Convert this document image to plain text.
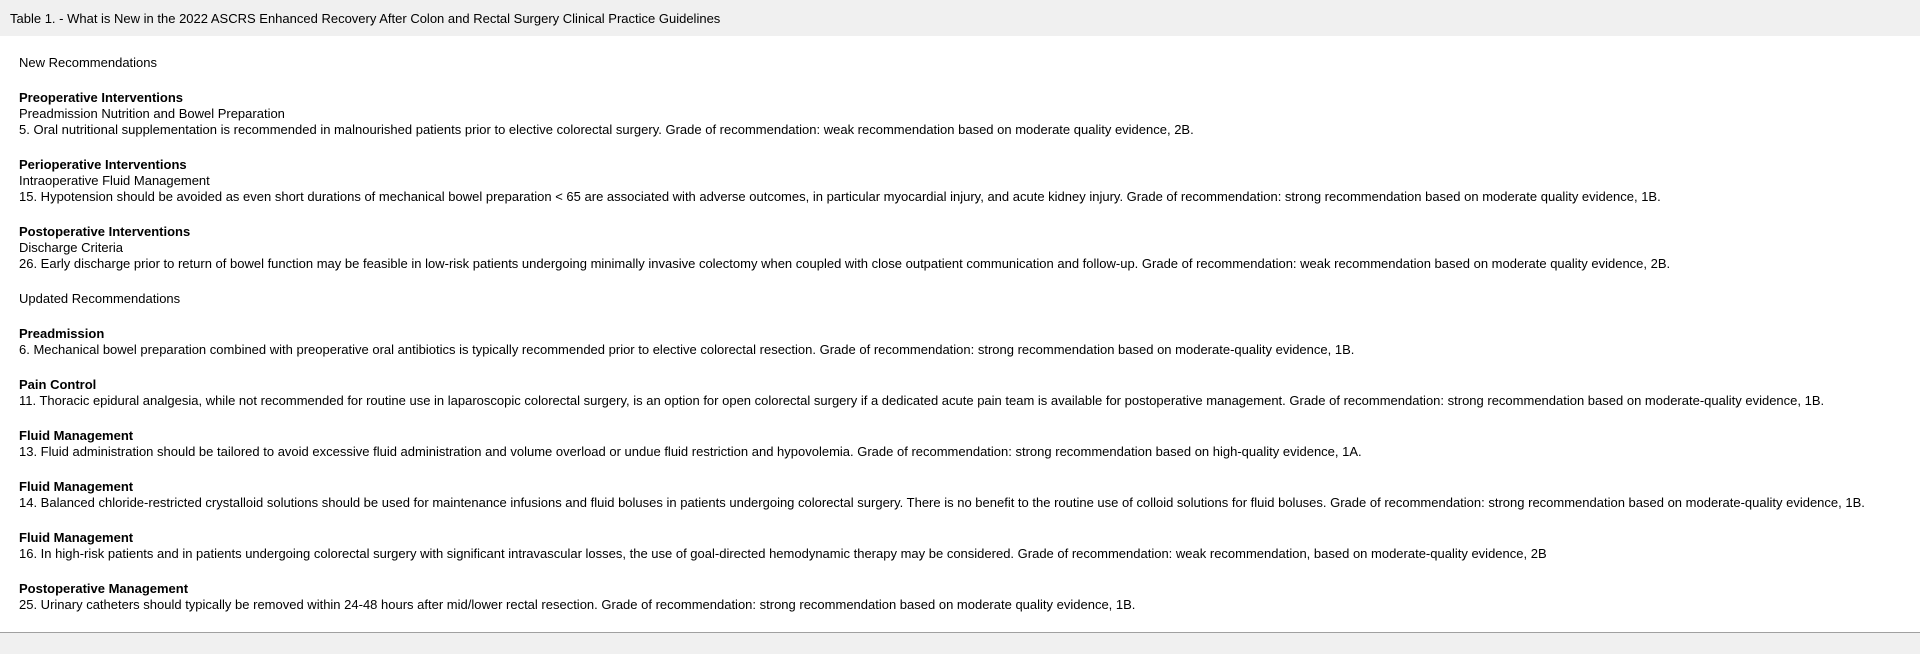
Table 1. - What is New in the 2022 ASCRS Enhanced Recovery After Colon and Rectal Surgery Clinical Practice Guidelines
New Recommendations
Preoperative Interventions
Preadmission Nutrition and Bowel Preparation
5. Oral nutritional supplementation is recommended in malnourished patients prior to elective colorectal surgery. Grade of recommendation: weak recommendation based on moderate quality evidence, 2B.
Perioperative Interventions
Intraoperative Fluid Management
15. Hypotension should be avoided as even short durations of mechanical bowel preparation < 65 are associated with adverse outcomes, in particular myocardial injury, and acute kidney injury. Grade of recommendation: strong recommendation based on moderate quality evidence, 1B.
Postoperative Interventions
Discharge Criteria
26. Early discharge prior to return of bowel function may be feasible in low-risk patients undergoing minimally invasive colectomy when coupled with close outpatient communication and follow-up. Grade of recommendation: weak recommendation based on moderate quality evidence, 2B.
Updated Recommendations
Preadmission
6. Mechanical bowel preparation combined with preoperative oral antibiotics is typically recommended prior to elective colorectal resection. Grade of recommendation: strong recommendation based on moderate-quality evidence, 1B.
Pain Control
11. Thoracic epidural analgesia, while not recommended for routine use in laparoscopic colorectal surgery, is an option for open colorectal surgery if a dedicated acute pain team is available for postoperative management. Grade of recommendation: strong recommendation based on moderate-quality evidence, 1B.
Fluid Management
13. Fluid administration should be tailored to avoid excessive fluid administration and volume overload or undue fluid restriction and hypovolemia. Grade of recommendation: strong recommendation based on high-quality evidence, 1A.
Fluid Management
14. Balanced chloride-restricted crystalloid solutions should be used for maintenance infusions and fluid boluses in patients undergoing colorectal surgery. There is no benefit to the routine use of colloid solutions for fluid boluses. Grade of recommendation: strong recommendation based on moderate-quality evidence, 1B.
Fluid Management
16. In high-risk patients and in patients undergoing colorectal surgery with significant intravascular losses, the use of goal-directed hemodynamic therapy may be considered. Grade of recommendation: weak recommendation, based on moderate-quality evidence, 2B
Postoperative Management
25. Urinary catheters should typically be removed within 24-48 hours after mid/lower rectal resection. Grade of recommendation: strong recommendation based on moderate quality evidence, 1B.
